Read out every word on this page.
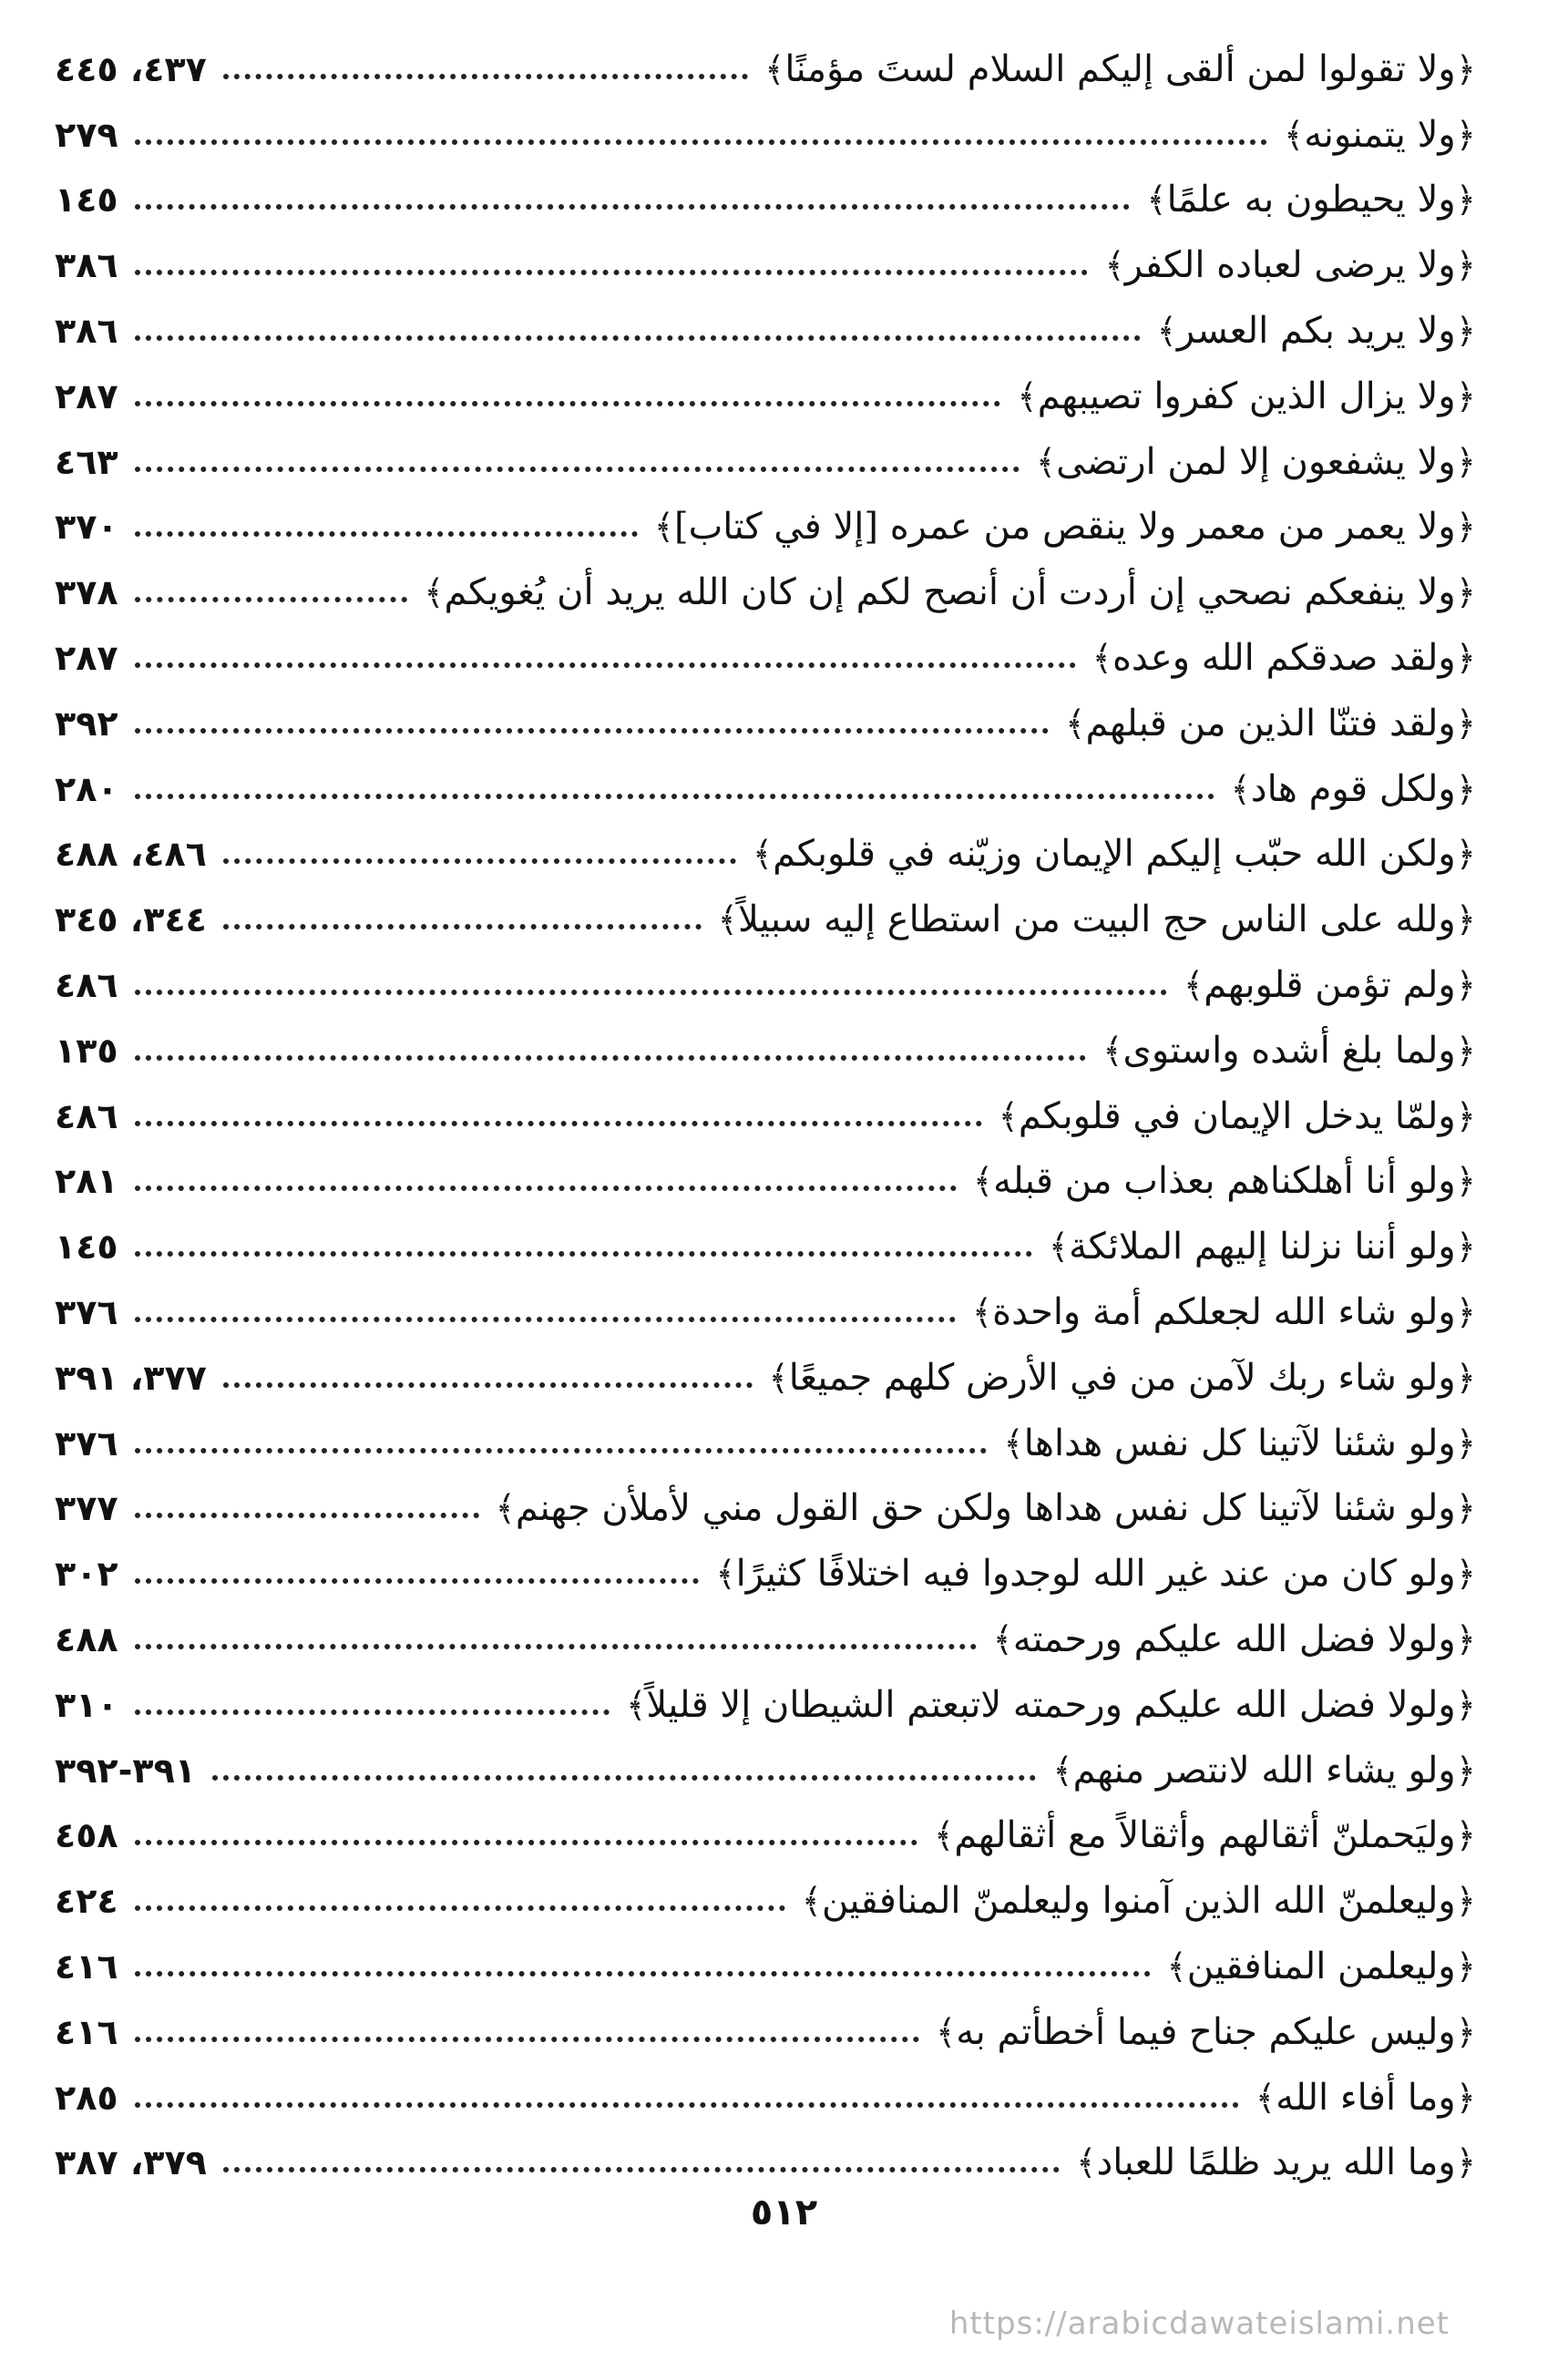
﴿ولا تقولوا لمن ألقى إليكم السلام لستَ مؤمنًا﴾
٤٣٧، ٤٤٥
﴿ولا يتمنونه﴾
٢٧٩
﴿ولا يحيطون به علمًا﴾
١٤٥
﴿ولا يرضى لعباده الكفر﴾
٣٨٦
﴿ولا يريد بكم العسر﴾
٣٨٦
﴿ولا يزال الذين كفروا تصيبهم﴾
٢٨٧
﴿ولا يشفعون إلا لمن ارتضى﴾
٤٦٣
﴿ولا يعمر من معمر ولا ينقص من عمره [إلا في كتاب]﴾
٣٧٠
﴿ولا ينفعكم نصحي إن أردت أن أنصح لكم إن كان الله يريد أن يُغويكم﴾
٣٧٨
﴿ولقد صدقكم الله وعده﴾
٢٨٧
﴿ولقد فتنّا الذين من قبلهم﴾
٣٩٢
﴿ولكل قوم هاد﴾
٢٨٠
﴿ولكن الله حبّب إليكم الإيمان وزيّنه في قلوبكم﴾
٤٨٦، ٤٨٨
﴿ولله على الناس حج البيت من استطاع إليه سبيلاً﴾
٣٤٤، ٣٤٥
﴿ولم تؤمن قلوبهم﴾
٤٨٦
﴿ولما بلغ أشده واستوى﴾
١٣٥
﴿ولمّا يدخل الإيمان في قلوبكم﴾
٤٨٦
﴿ولو أنا أهلكناهم بعذاب من قبله﴾
٢٨١
﴿ولو أننا نزلنا إليهم الملائكة﴾
١٤٥
﴿ولو شاء الله لجعلكم أمة واحدة﴾
٣٧٦
﴿ولو شاء ربك لآمن من في الأرض كلهم جميعًا﴾
٣٧٧، ٣٩١
﴿ولو شئنا لآتينا كل نفس هداها﴾
٣٧٦
﴿ولو شئنا لآتينا كل نفس هداها ولكن حق القول مني لأملأن جهنم﴾
٣٧٧
﴿ولو كان من عند غير الله لوجدوا فيه اختلافًا كثيرًا﴾
٣٠٢
﴿ولولا فضل الله عليكم ورحمته﴾
٤٨٨
﴿ولولا فضل الله عليكم ورحمته لاتبعتم الشيطان إلا قليلاً﴾
٣١٠
﴿ولو يشاء الله لانتصر منهم﴾
٣٩١-٣٩٢
﴿وليَحملنّ أثقالهم وأثقالاً مع أثقالهم﴾
٤٥٨
﴿وليعلمنّ الله الذين آمنوا وليعلمنّ المنافقين﴾
٤٢٤
﴿وليعلمن المنافقين﴾
٤١٦
﴿وليس عليكم جناح فيما أخطأتم به﴾
٤١٦
﴿وما أفاء الله﴾
٢٨٥
﴿وما الله يريد ظلمًا للعباد﴾
٣٧٩، ٣٨٧
٥١٢
https://arabicdawateislami.net
